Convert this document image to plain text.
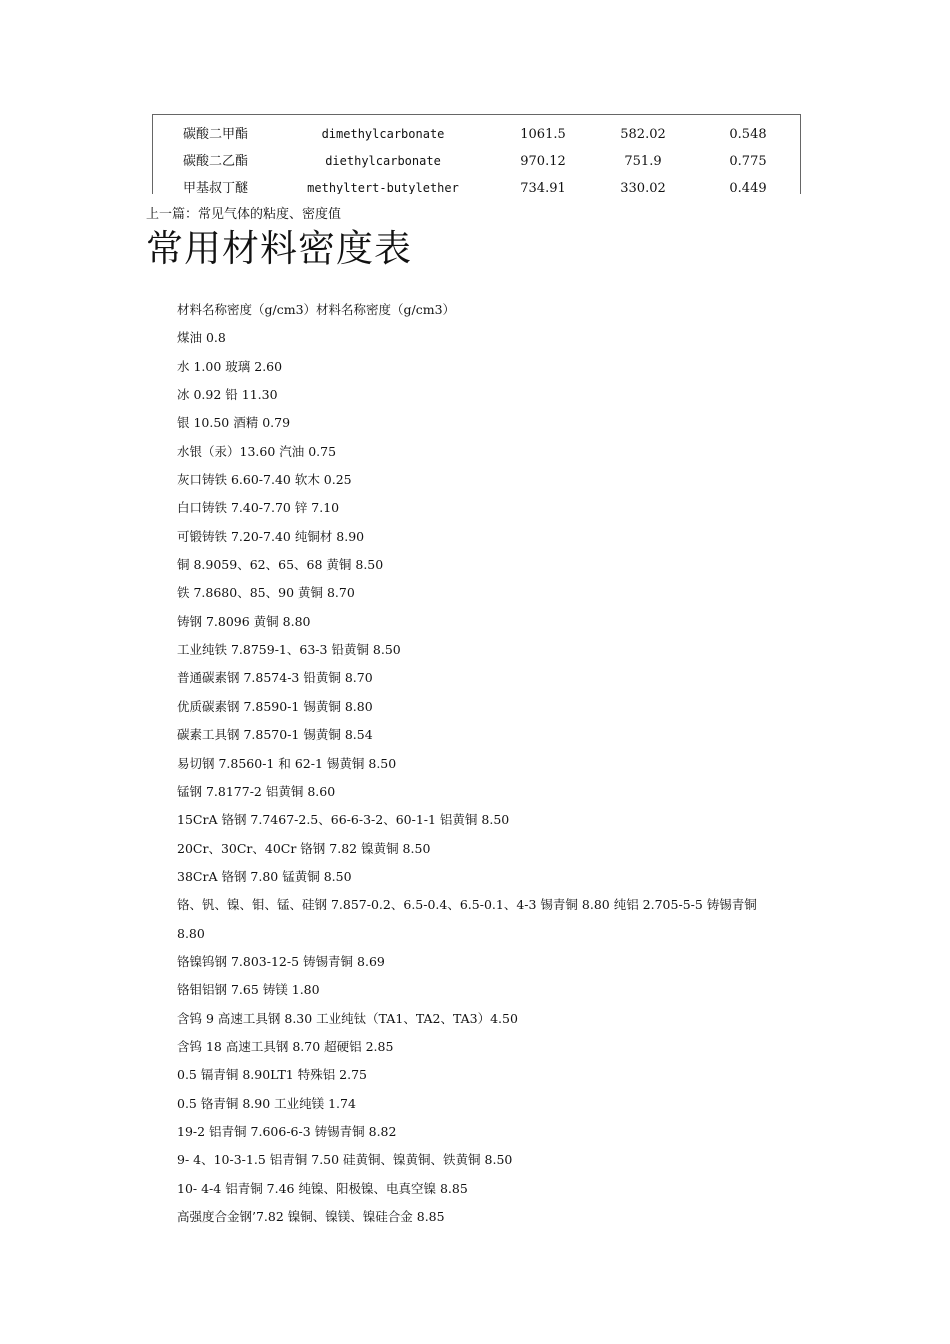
碳酸二甲酯	dimethylcarbonate	1061.5	582.02	0.548
碳酸二乙酯	diethylcarbonate	970.12	751.9	0.775
甲基叔丁醚	methyltert-butylether	734.91	330.02	0.449
上一篇：常见气体的粘度、密度值
常用材料密度表
材料名称密度（g/cm3）材料名称密度（g/cm3）
煤油 0.8
水 1.00 玻璃 2.60
冰 0.92 铅 11.30
银 10.50 酒精 0.79
水银（汞）13.60 汽油 0.75
灰口铸铁 6.60-7.40 软木 0.25
白口铸铁 7.40-7.70 锌 7.10
可锻铸铁 7.20-7.40 纯铜材 8.90
铜 8.9059、62、65、68 黄铜 8.50
铁 7.8680、85、90 黄铜 8.70
铸钢 7.8096 黄铜 8.80
工业纯铁 7.8759-1、63-3 铅黄铜 8.50
普通碳素钢 7.8574-3 铅黄铜 8.70
优质碳素钢 7.8590-1 锡黄铜 8.80
碳素工具钢 7.8570-1 锡黄铜 8.54
易切钢 7.8560-1 和 62-1 锡黄铜 8.50
锰钢 7.8177-2 铝黄铜 8.60
15CrA 铬钢 7.7467-2.5、66-6-3-2、60-1-1 铝黄铜 8.50
20Cr、30Cr、40Cr 铬钢 7.82 镍黄铜 8.50
38CrA 铬钢 7.80 锰黄铜 8.50
铬、钒、镍、钼、锰、硅钢 7.857-0.2、6.5-0.4、6.5-0.1、4-3 锡青铜 8.80 纯铝 2.705-5-5 铸锡青铜
8.80
铬镍钨钢 7.803-12-5 铸锡青铜 8.69
铬钼铝钢 7.65 铸镁 1.80
含钨 9 高速工具钢 8.30 工业纯钛（TA1、TA2、TA3）4.50
含钨 18 高速工具钢 8.70 超硬铝 2.85
0.5 镉青铜 8.90LT1 特殊铝 2.75
0.5 铬青铜 8.90 工业纯镁 1.74
19-2 铝青铜 7.606-6-3 铸锡青铜 8.82
9- 4、10-3-1.5 铝青铜 7.50 硅黄铜、镍黄铜、铁黄铜 8.50
10- 4-4 铝青铜 7.46 纯镍、阳极镍、电真空镍 8.85
高强度合金钢’7.82 镍铜、镍镁、镍硅合金 8.85
